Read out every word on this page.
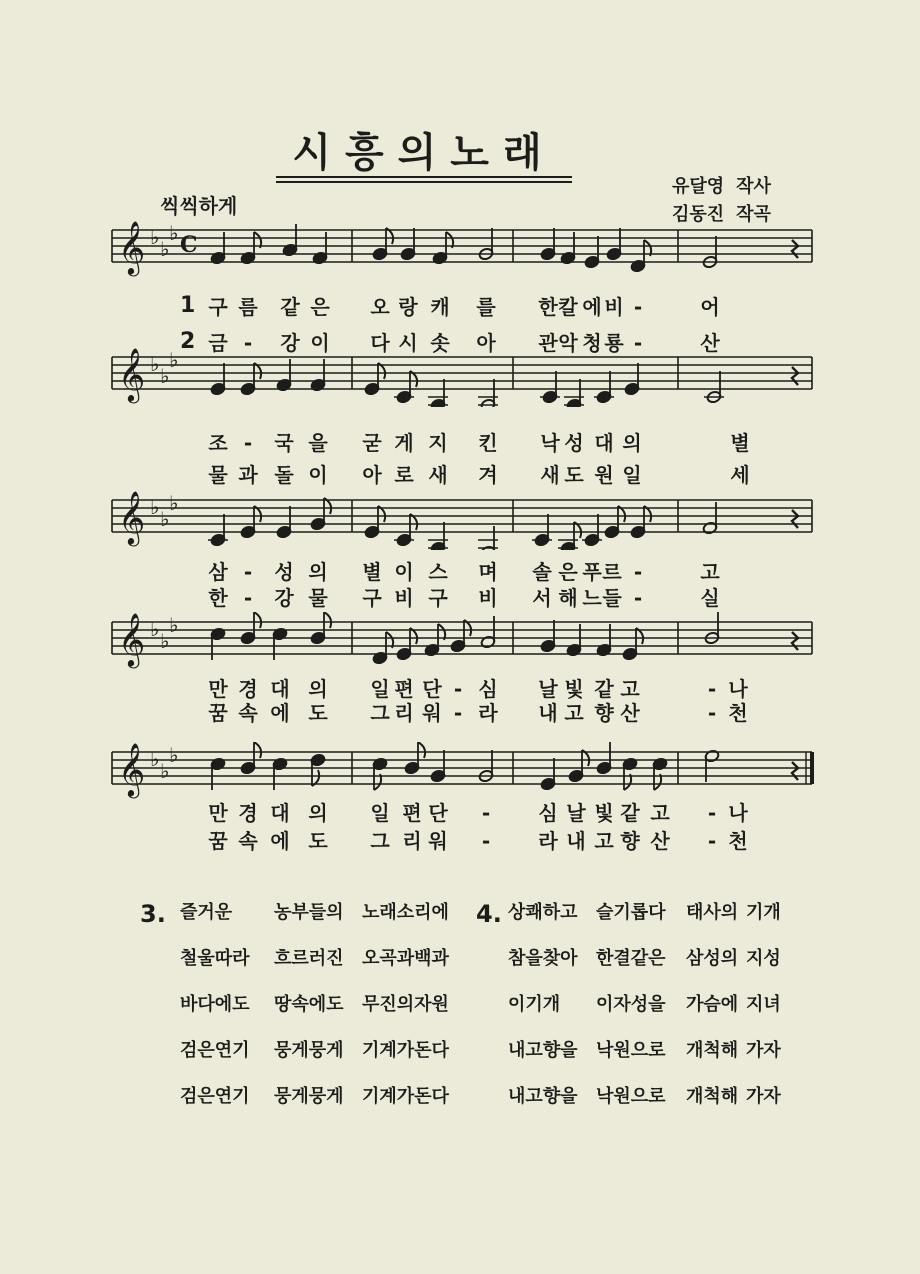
시흥의노래
씩씩하게
유달영 작사
김동진 작곡
𝄞 ♭ ♭
♭ C
1 구 름	같 은	오 랑 캐	를	한 칼 에 비 -	어
2 금 -	강 이	다 시 솟	아	관 악 청 룡 -	산
𝄞 ♭ ♭
♭
조 -	국 을	굳 게 지	킨	낙 성 대 의	별
물 과 돌 이	아 로 새	겨	새 도 원 일	세
𝄞 ♭ ♭
♭
삼 -	성 의	별 이 스	며	솔 은 푸 르 -	고
한 -	강 물	구 비 구	비	서 해 느 들 -	실
𝄞 ♭ ♭
♭
만 경 대 의	일 편 단 - 심	날 빛 같 고	- 나
꿈 속 에 도	그 리 워 - 라	내 고 향 산	- 천
𝄞 ♭ ♭
♭
만 경 대 의	일 편 단	-	심 날 빛 같 고	- 나
꿈 속 에 도	그 리 워	-	라 내 고 향 산	- 천
3.	4.
즐거운 농부들의 노래소리에
철울따라 흐르러진 오곡과백과
바다에도 땅속에도 무진의자원
검은연기 뭉게뭉게 기계가돈다
검은연기 뭉게뭉게 기계가돈다
상쾌하고 슬기롭다 태사의 기개
참을찾아 한결같은 삼성의 지성
이기개 이자성을 가슴에 지녀
내고향을 낙원으로 개척해 가자
내고향을 낙원으로 개척해 가자
